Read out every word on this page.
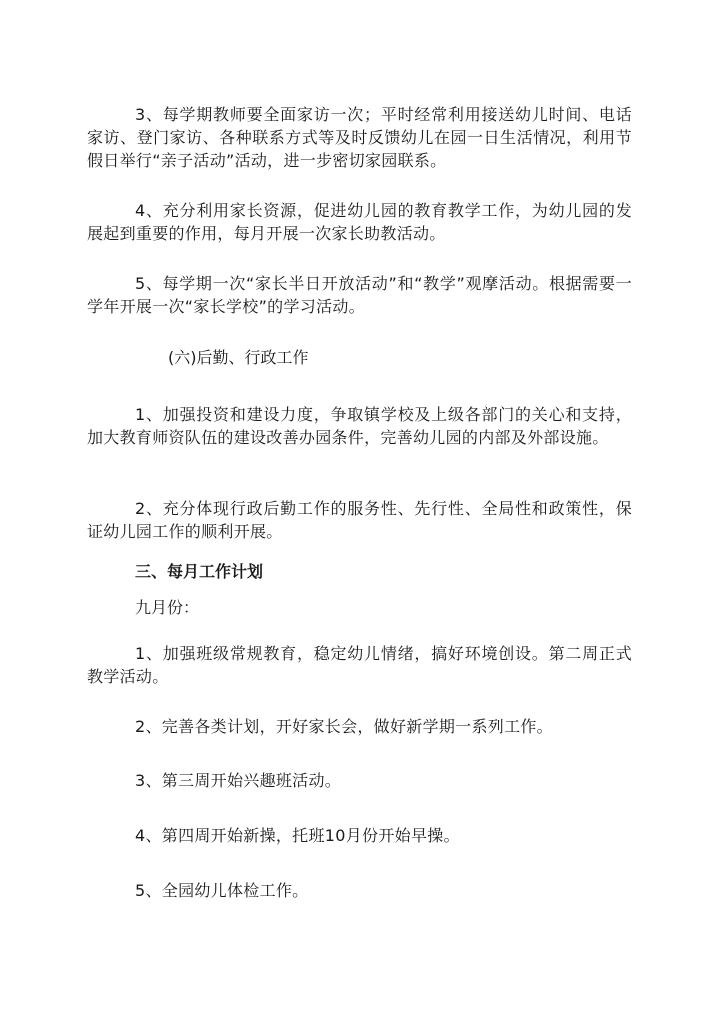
3、每学期教师要全面家访一次；平时经常利用接送幼儿时间、电话家访、登门家访、各种联系方式等及时反馈幼儿在园一日生活情况，利用节假日举行“亲子活动”活动，进一步密切家园联系。

4、充分利用家长资源，促进幼儿园的教育教学工作，为幼儿园的发展起到重要的作用，每月开展一次家长助教活动。

5、每学期一次“家长半日开放活动”和“教学”观摩活动。根据需要一学年开展一次“家长学校”的学习活动。

(六)后勤、行政工作

1、加强投资和建设力度，争取镇学校及上级各部门的关心和支持，加大教育师资队伍的建设改善办园条件，完善幼儿园的内部及外部设施。

2、充分体现行政后勤工作的服务性、先行性、全局性和政策性，保证幼儿园工作的顺利开展。

三、每月工作计划

九月份：

1、加强班级常规教育，稳定幼儿情绪，搞好环境创设。第二周正式教学活动。

2、完善各类计划，开好家长会，做好新学期一系列工作。

3、第三周开始兴趣班活动。

4、第四周开始新操，托班10月份开始早操。

5、全园幼儿体检工作。
